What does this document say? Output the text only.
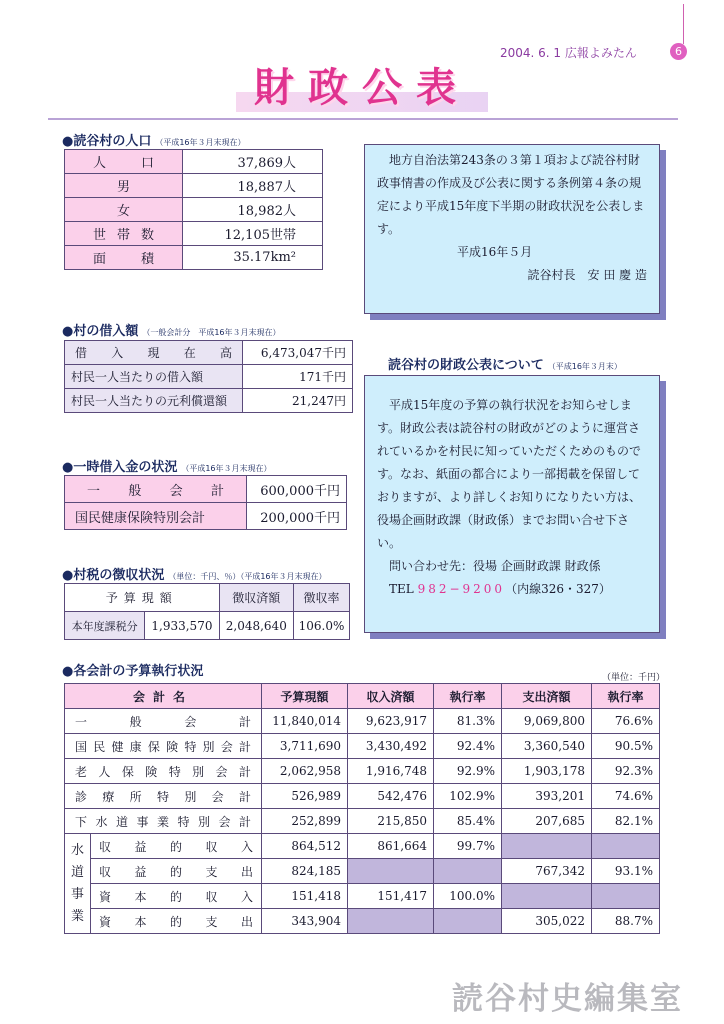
2004. 6. 1 広報よみたん	6
財政公表
●読谷村の人口 （平成16年３月末現在）
人口	37,869人
男	18,887人
女	18,982人
世帯数	12,105世帯
面積	35.17km²
●村の借入額 （一般会計分　平成16年３月末現在）
借入現在高	6,473,047千円
村民一人当たりの借入額	171千円
村民一人当たりの元利償還額	21,247円
●一時借入金の状況 （平成16年３月末現在）
一般会計	600,000千円
国民健康保険特別会計	200,000千円
●村税の徴収状況 （単位：千円、％）（平成16年３月末現在）
予算現額		徴収済額	徴収率
本年度課税分	1,933,570	2,048,640	106.0%

地方自治法第243条の３第１項および読谷村財政事情書の作成及び公表に関する条例第４条の規定により平成15年度下半期の財政状況を公表します。

平成16年５月

読谷村長　安 田 慶 造

読谷村の財政公表について （平成16年３月末）

平成15年度の予算の執行状況をお知らせします。財政公表は読谷村の財政がどのように運営されているかを村民に知っていただくためのものです。なお、紙面の都合により一部掲載を保留しておりますが、より詳しくお知りになりたい方は、役場企画財政課（財政係）までお問い合せ下さい。

問い合わせ先：役場 企画財政課 財政係

TEL 982−9200（内線326・327）

●各会計の予算執行状況	（単位：千円）
会計名		予算現額	収入済額	執行率	支出済額	執行率
一般会計		11,840,014	9,623,917	81.3%	9,069,800	76.6%
国民健康保険特別会計		3,711,690	3,430,492	92.4%	3,360,540	90.5%
老人保険特別会計		2,062,958	1,916,748	92.9%	1,903,178	92.3%
診療所特別会計		526,989	542,476	102.9%	393,201	74.6%
下水道事業特別会計		252,899	215,850	85.4%	207,685	82.1%
水道事業	収益的収入	864,512	861,664	99.7%		
	収益的支出	824,185			767,342	93.1%
	資本的収入	151,418	151,417	100.0%		
	資本的支出	343,904			305,022	88.7%
読谷村史編集室
